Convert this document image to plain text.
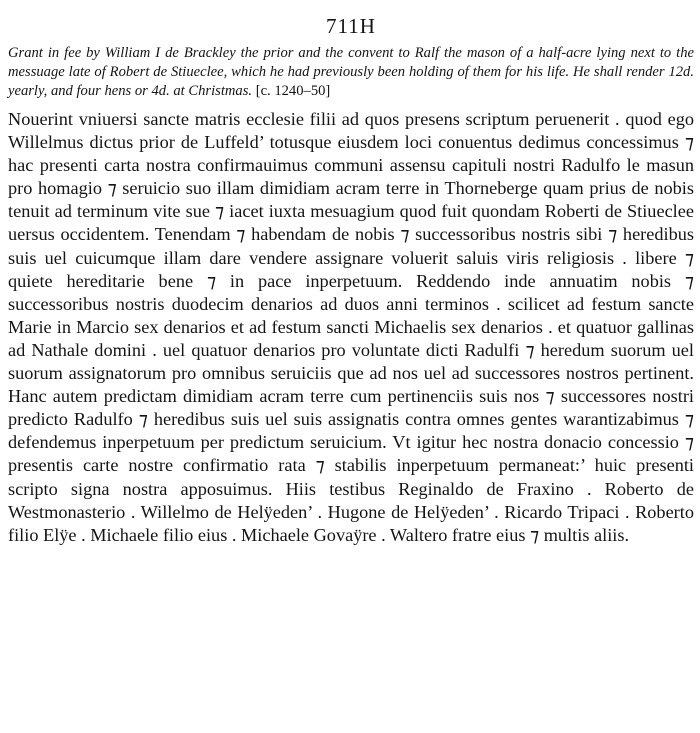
711H

Grant in fee by William I de Brackley the prior and the convent to Ralf the mason of a half-acre lying next to the messuage late of Robert de Stiueclee, which he had previously been holding of them for his life. He shall render 12d. yearly, and four hens or 4d. at Christmas. [c. 1240–50]

Nouerint vniuersi sancte matris ecclesie filii ad quos presens scriptum peruenerit . quod ego Willelmus dictus prior de Luffeld’ totusque eiusdem loci conuentus dedimus concessimus ⁊ hac presenti carta nostra confirmauimus communi assensu capituli nostri Radulfo le masun pro homagio ⁊ seruicio suo illam dimidiam acram terre in Thorneberge quam prius de nobis tenuit ad terminum vite sue ⁊ iacet iuxta mesuagium quod fuit quondam Roberti de Stiueclee uersus occidentem. Tenendam ⁊ habendam de nobis ⁊ successoribus nostris sibi ⁊ heredibus suis uel cuicumque illam dare vendere assignare voluerit saluis viris religiosis . libere ⁊ quiete hereditarie bene ⁊ in pace inperpetuum. Reddendo inde annuatim nobis ⁊ successoribus nostris duodecim denarios ad duos anni terminos . scilicet ad festum sancte Marie in Marcio sex denarios et ad festum sancti Michaelis sex denarios . et quatuor gallinas ad Nathale domini . uel quatuor denarios pro voluntate dicti Radulfi ⁊ heredum suorum uel suorum assignatorum pro omnibus seruiciis que ad nos uel ad successores nostros pertinent. Hanc autem predictam dimidiam acram terre cum pertinenciis suis nos ⁊ successores nostri predicto Radulfo ⁊ heredibus suis uel suis assignatis contra omnes gentes warantizabimus ⁊ defendemus inperpetuum per predictum seruicium. Vt igitur hec nostra donacio concessio ⁊ presentis carte nostre confirmatio rata ⁊ stabilis inperpetuum permaneat:’ huic presenti scripto signa nostra apposuimus. Hiis testibus Reginaldo de Fraxino . Roberto de Westmonasterio . Willelmo de Helÿeden’ . Hugone de Helÿeden’ . Ricardo Tripaci . Roberto filio Elÿe . Michaele filio eius . Michaele Govaÿre . Waltero fratre eius ⁊ multis aliis.
